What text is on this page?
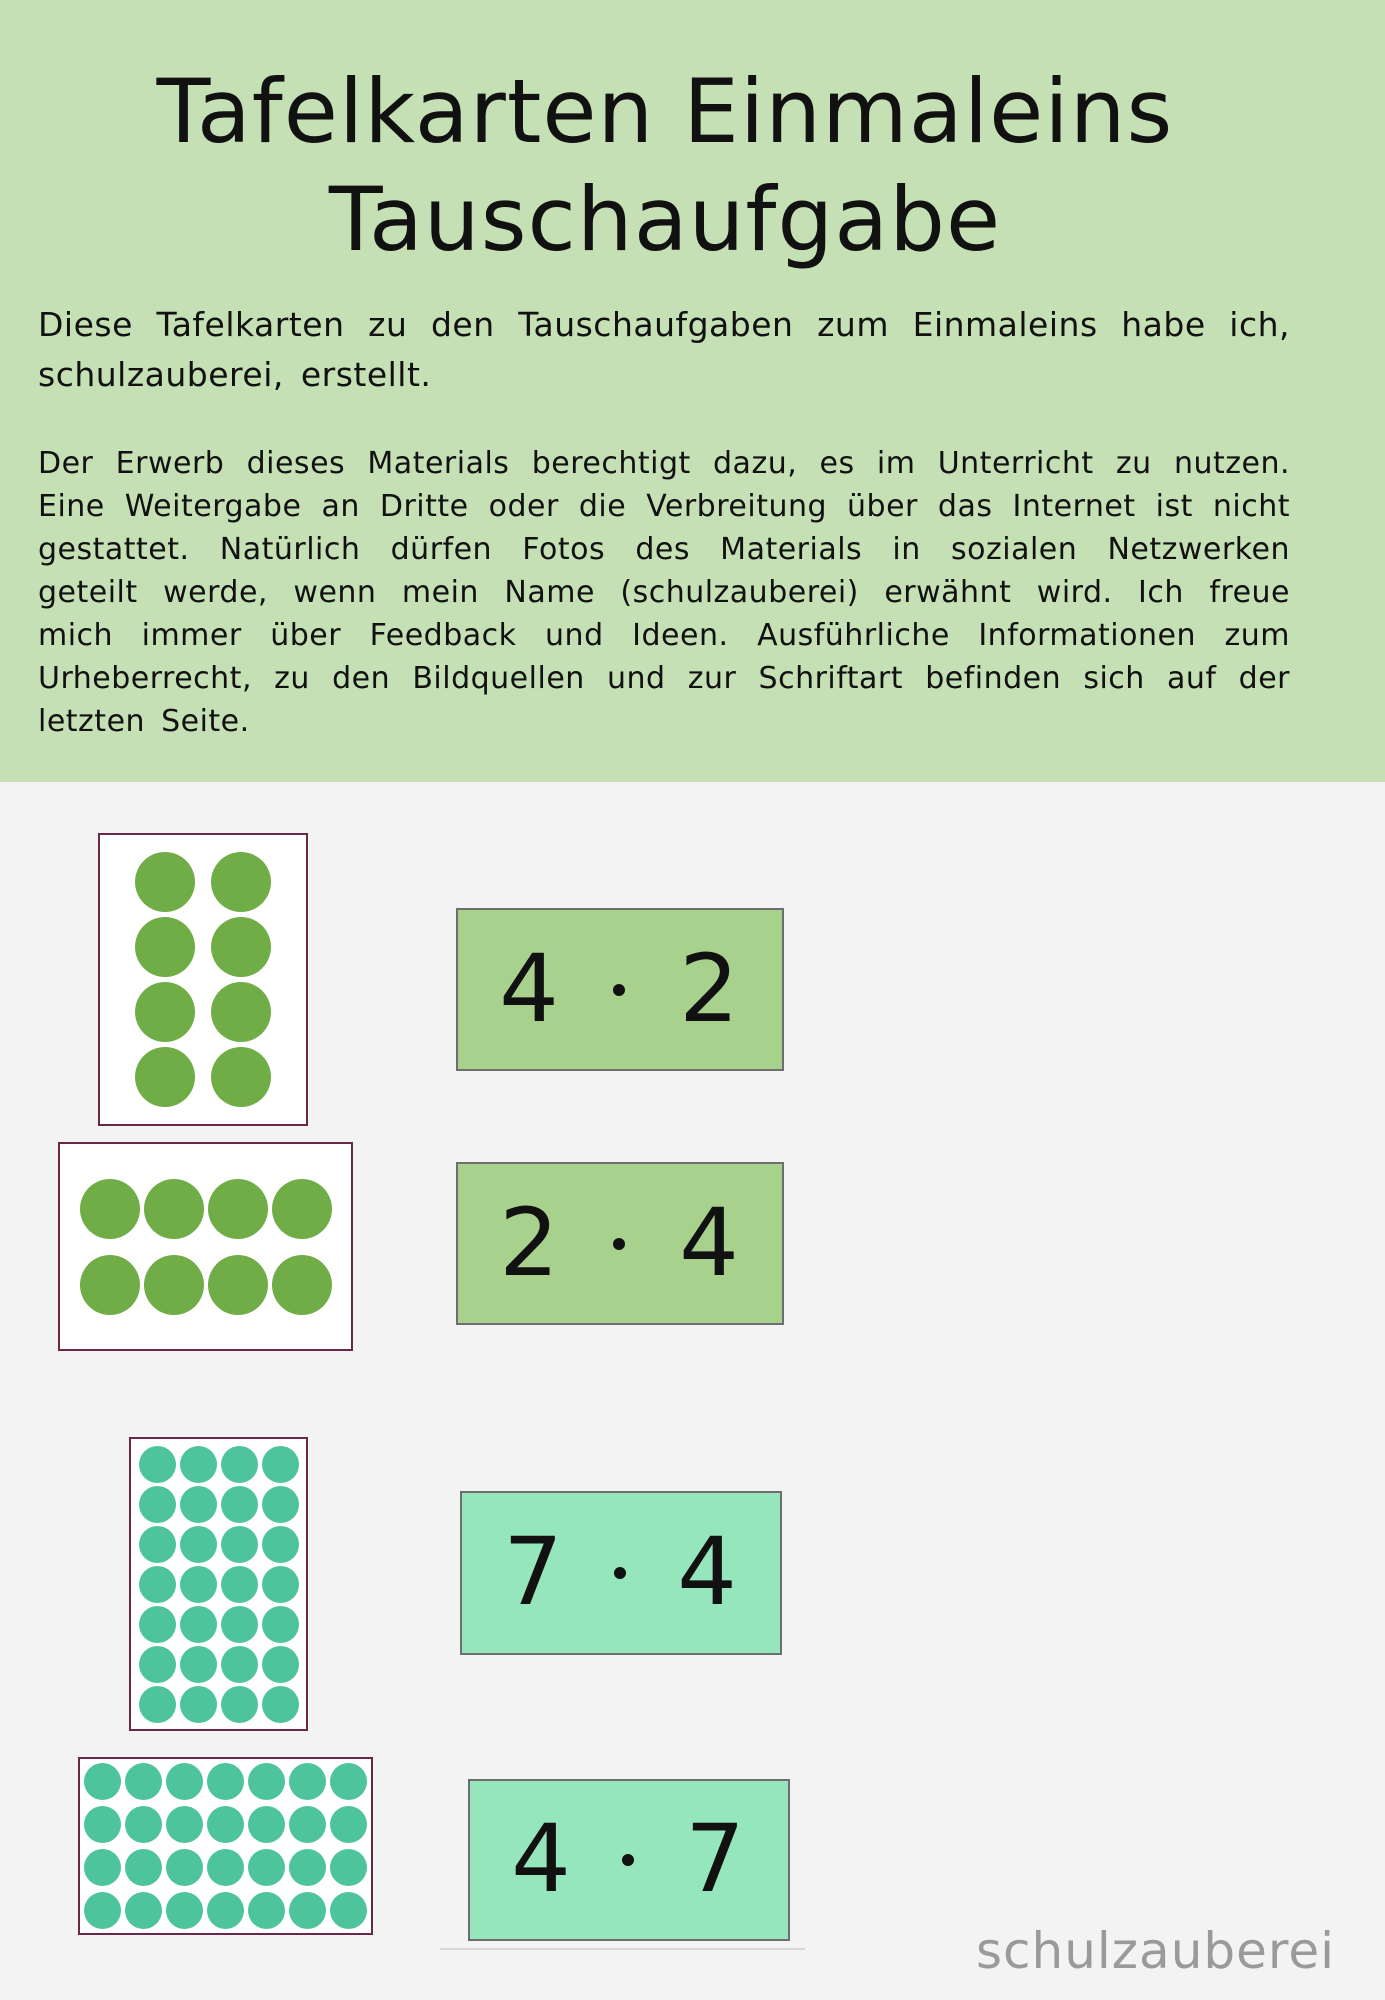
Tafelkarten Einmaleins
Tauschaufgabe

Diese Tafelkarten zu den Tauschaufgaben zum Einmaleins habe ich, schulzauberei, erstellt.

Der Erwerb dieses Materials berechtigt dazu, es im Unterricht zu nutzen. Eine Weitergabe an Dritte oder die Verbreitung über das Internet ist nicht gestattet. Natürlich dürfen Fotos des Materials in sozialen Netzwerken geteilt werde, wenn mein Name (schulzauberei) erwähnt wird. Ich freue mich immer über Feedback und Ideen. Ausführliche Informationen zum Urheberrecht, zu den Bildquellen und zur Schriftart befinden sich auf der letzten Seite.

4 2
2 4
7 4
4 7
schulzauberei
